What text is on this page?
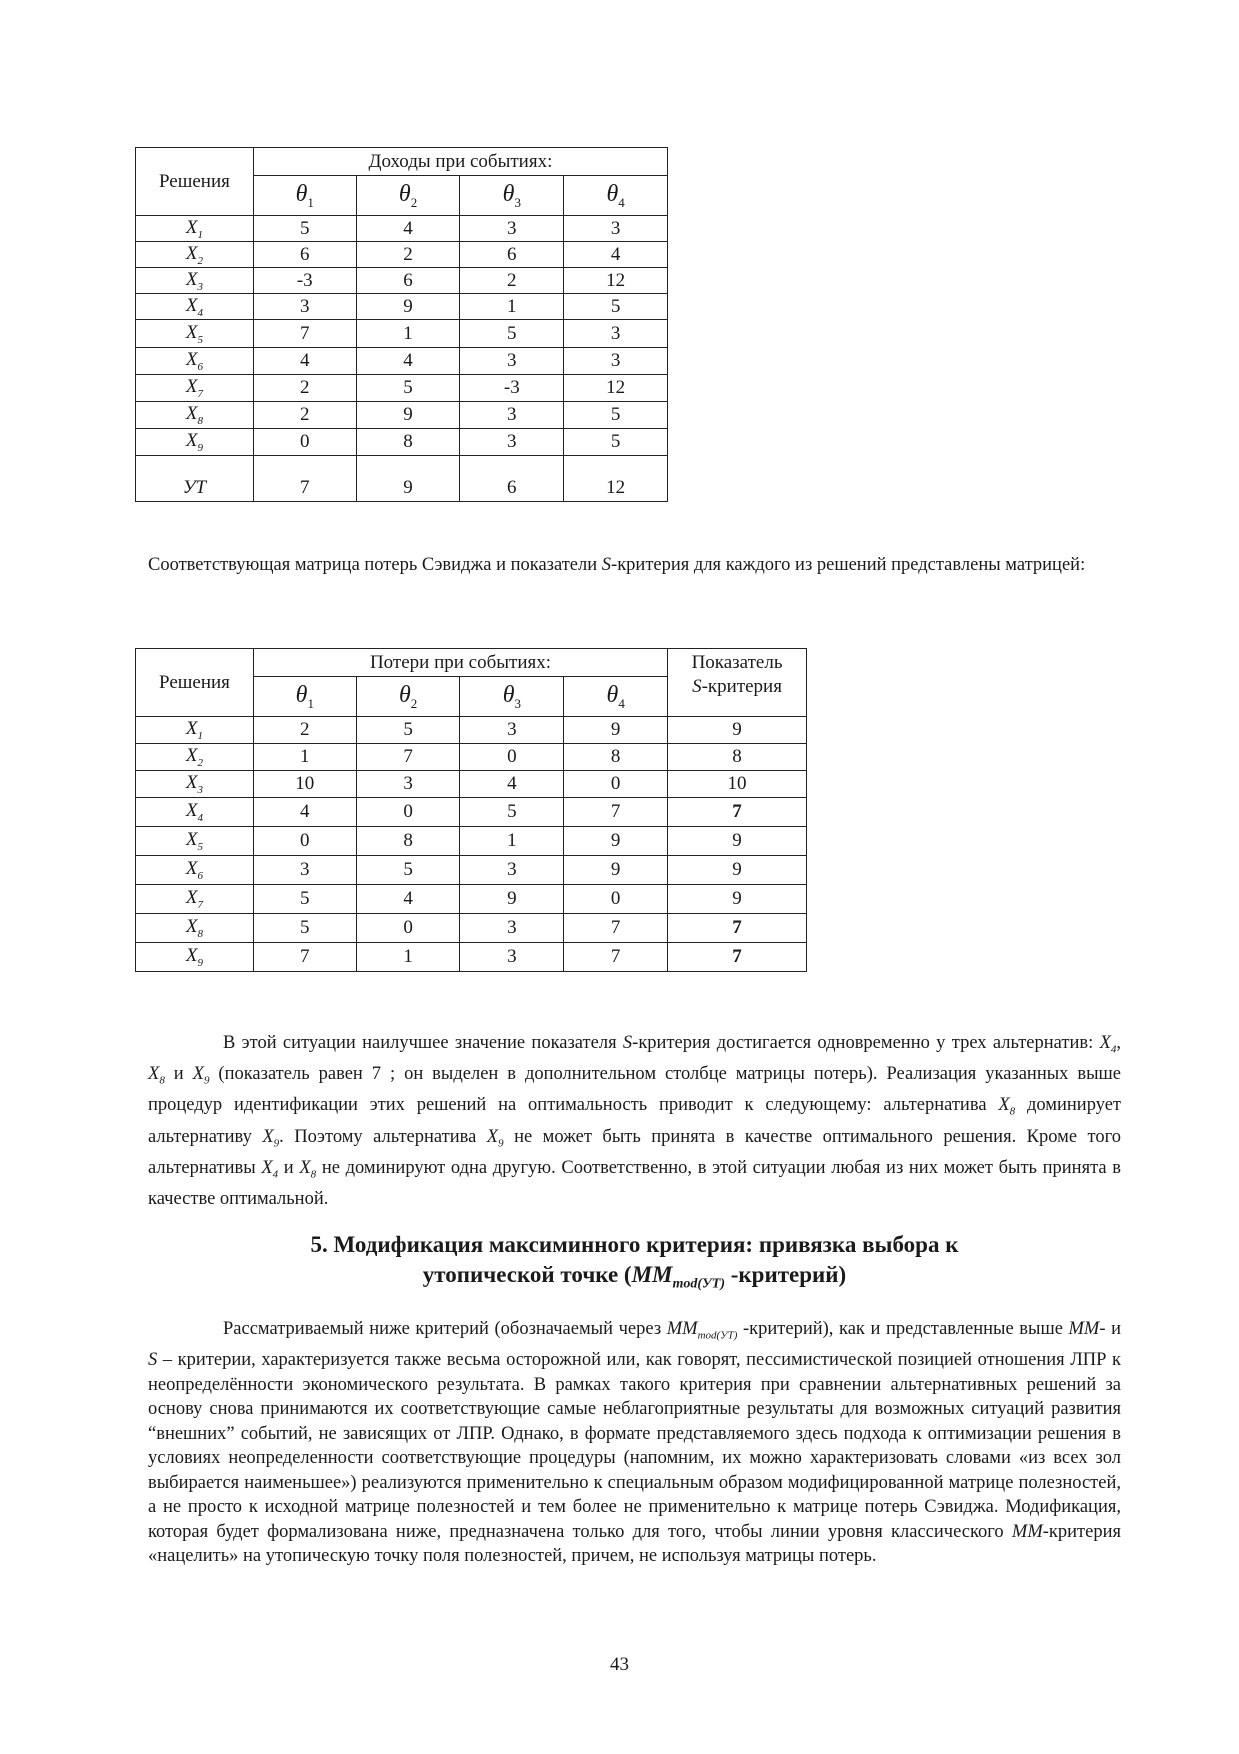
Решения	Доходы при событиях:			
	$\theta_1$	$\theta_2$	$\theta_3$	$\theta_4$
$X_1$	5	4	3	3
$X_2$	6	2	6	4
$X_3$	-3	6	2	12
$X_4$	3	9	1	5
$X_5$	7	1	5	3
$X_6$	4	4	3	3
$X_7$	2	5	-3	12
$X_8$	2	9	3	5
$X_9$	0	8	3	5
УТ	7	9	6	12

Соответствующая матрица потерь Сэвиджа и показатели S-критерия для каждого из решений представлены матрицей:

Решения	Потери при событиях:				Показатель
S-критерия
	$\theta_1$	$\theta_2$	$\theta_3$	$\theta_4$
$X_1$	2	5	3	9	9
$X_2$	1	7	0	8	8
$X_3$	10	3	4	0	10
$X_4$	4	0	5	7	7
$X_5$	0	8	1	9	9
$X_6$	3	5	3	9	9
$X_7$	5	4	9	0	9
$X_8$	5	0	3	7	7
$X_9$	7	1	3	7	7

В этой ситуации наилучшее значение показателя S-критерия достигается одновременно у трех альтернатив: $X_4$, $X_8$ и $X_9$ (показатель равен 7 ; он выделен в дополнительном столбце матрицы потерь). Реализация указанных выше процедур идентификации этих решений на оптимальность приводит к следующему: альтернатива $X_8$ доминирует альтернативу $X_9$. Поэтому альтернатива $X_9$ не может быть принята в качестве оптимального решения. Кроме того альтернативы $X_4$ и $X_8$ не доминируют одна другую. Соответственно, в этой ситуации любая из них может быть принята в качестве оптимальной.

5. Модификация максиминного критерия: привязка выбора к
утопической точке ($MM_{mod(УТ)}$ -критерий)

Рассматриваемый ниже критерий (обозначаемый через $MM_{mod(УТ)}$ -критерий), как и представленные выше MM- и S – критерии, характеризуется также весьма осторожной или, как говорят, пессимистической позицией отношения ЛПР к неопределённости экономического результата. В рамках такого критерия при сравнении альтернативных решений за основу снова принимаются их соответствующие самые неблагоприятные результаты для возможных ситуаций развития “внешних” событий, не зависящих от ЛПР. Однако, в формате представляемого здесь подхода к оптимизации решения в условиях неопределенности соответствующие процедуры (напомним, их можно характеризовать словами «из всех зол выбирается наименьшее») реализуются применительно к специальным образом модифицированной матрице полезностей, а не просто к исходной матрице полезностей и тем более не применительно к матрице потерь Сэвиджа. Модификация, которая будет формализована ниже, предназначена только для того, чтобы линии уровня классического MM-критерия «нацелить» на утопическую точку поля полезностей, причем, не используя матрицы потерь.

43
